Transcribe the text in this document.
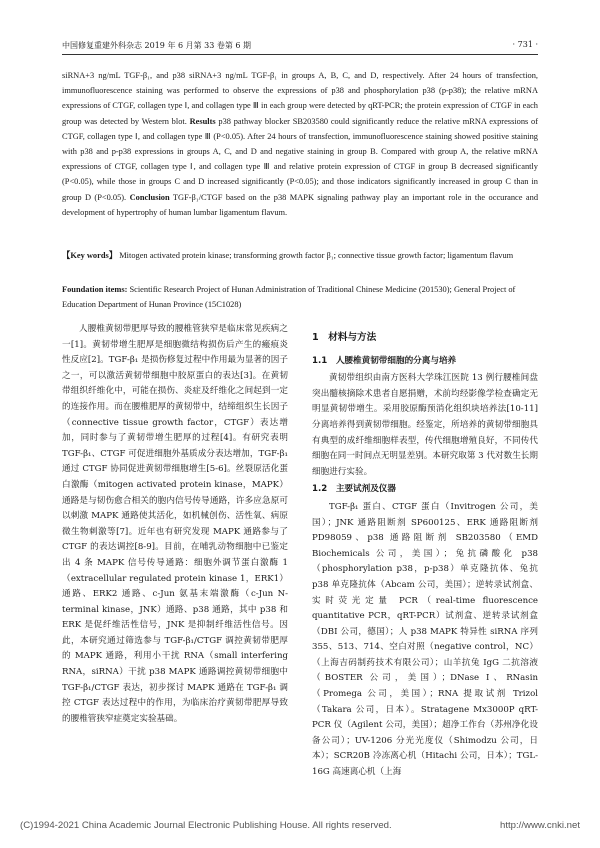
中国修复重建外科杂志 2019 年 6 月第 33 卷第 6 期	· 731 ·
siRNA+3 ng/mL TGF-β₁, and p38 siRNA+3 ng/mL TGF-β₁ in groups A, B, C, and D, respectively. After 24 hours of transfection, immunofluorescence staining was performed to observe the expressions of p38 and phosphorylation p38 (p-p38); the relative mRNA expressions of CTGF, collagen type Ⅰ, and collagen type Ⅲ in each group were detected by qRT-PCR; the protein expression of CTGF in each group was detected by Western blot. Results p38 pathway blocker SB203580 could significantly reduce the relative mRNA expressions of CTGF, collagen type Ⅰ, and collagen type Ⅲ (P<0.05). After 24 hours of transfection, immunofluorescence staining showed positive staining with p38 and p-p38 expressions in groups A, C, and D and negative staining in group B. Compared with group A, the relative mRNA expressions of CTGF, collagen type Ⅰ, and collagen type Ⅲ and relative protein expression of CTGF in group B decreased significantly (P<0.05), while those in groups C and D increased significantly (P<0.05); and those indicators significantly increased in group C than in group D (P<0.05). Conclusion TGF-β₁/CTGF based on the p38 MAPK signaling pathway play an important role in the occurance and development of hypertrophy of human lumbar ligamentum flavum.
【Key words】 Mitogen activated protein kinase; transforming growth factor β₁; connective tissue growth factor; ligamentum flavum
Foundation items: Scientific Research Project of Hunan Administration of Traditional Chinese Medicine (201530); General Project of Education Department of Hunan Province (15C1028)
人腰椎黄韧带肥厚导致的腰椎管狭窄是临床常见疾病之一[1]。黄韧带增生肥厚是细胞微结构损伤后产生的瘢痕炎性反应[2]。TGF-β₁ 是损伤修复过程中作用最为显著的因子之一，可以激活黄韧带细胞中胶原蛋白的表达[3]。在黄韧带组织纤维化中，可能在损伤、炎症及纤维化之间起到一定的连接作用。而在腰椎肥厚的黄韧带中，结缔组织生长因子（connective tissue growth factor，CTGF）表达增加，同时参与了黄韧带增生肥厚的过程[4]。有研究表明 TGF-β₁、CTGF 可促进细胞外基质成分表达增加，TGF-β₁ 通过 CTGF 协同促进黄韧带细胞增生[5-6]。丝裂原活化蛋白激酶（mitogen activated protein kinase，MAPK）通路是与韧伤愈合相关的胞内信号传导通路，许多应急原可以刺激 MAPK 通路使其活化，如机械创伤、活性氧、病原微生物刺激等[7]。近年也有研究发现 MAPK 通路参与了 CTGF 的表达调控[8-9]。目前，在哺乳动物细胞中已鉴定出 4 条 MAPK 信号传导通路：细胞外调节蛋白激酶 1（extracellular regulated protein kinase 1，ERK1）通路、ERK2 通路、c-Jun 氨基末端激酶（c-Jun N-terminal kinase，JNK）通路、p38 通路，其中 p38 和 ERK 是促纤维活性信号，JNK 是抑制纤维活性信号。因此，本研究通过筛选参与 TGF-β₁/CTGF 调控黄韧带肥厚的 MAPK 通路，利用小干扰 RNA（small interfering RNA，siRNA）干扰 p38 MAPK 通路调控黄韧带细胞中 TGF-β₁/CTGF 表达，初步探讨 MAPK 通路在 TGF-β₁ 调控 CTGF 表达过程中的作用，为临床治疗黄韧带肥厚导致的腰椎管狭窄症奠定实验基础。
1　材料与方法
1.1　人腰椎黄韧带细胞的分离与培养

黄韧带组织由南方医科大学珠江医院 13 例行腰椎间盘突出髓核摘除术患者自愿捐赠，术前均经影像学检查确定无明显黄韧带增生。采用胶原酶预消化组织块培养法[10-11]分离培养得到黄韧带细胞。经鉴定，所培养的黄韧带细胞具有典型的成纤维细胞样表型，传代细胞增殖良好，不同传代细胞在同一时间点无明显差别。本研究取第 3 代对数生长期细胞进行实验。

1.2　主要试剂及仪器

TGF-β₁ 蛋白、CTGF 蛋白（Invitrogen 公司，美国）；JNK 通路阻断剂 SP600125、ERK 通路阻断剂 PD98059、p38 通路阻断剂 SB203580（EMD Biochemicals 公司，美国）；兔抗磷酸化 p38（phosphorylation p38，p-p38）单克隆抗体、兔抗 p38 单克隆抗体（Abcam 公司，美国）；逆转录试剂盒、实时荧光定量 PCR（real-time fluorescence quantitative PCR，qRT-PCR）试剂盒、逆转录试剂盒（DBI 公司，德国）；人 p38 MAPK 特异性 siRNA 序列 355、513、714、空白对照（negative control，NC）（上海吉码制药技术有限公司）；山羊抗兔 IgG 二抗溶液（BOSTER 公司，美国）；DNase Ⅰ、RNasin（Promega 公司，美国）；RNA 提取试剂 Trizol（Takara 公司，日本）。Stratagene Mx3000P qRT-PCR 仪（Agilent 公司，美国）；超净工作台（苏州净化设备公司）；UV-1206 分光光度仪（Shimodzu 公司，日本）；SCR20B 冷冻离心机（Hitachi 公司，日本）；TGL-16G 高速离心机（上海

(C)1994-2021 China Academic Journal Electronic Publishing House. All rights reserved.	http://www.cnki.net
